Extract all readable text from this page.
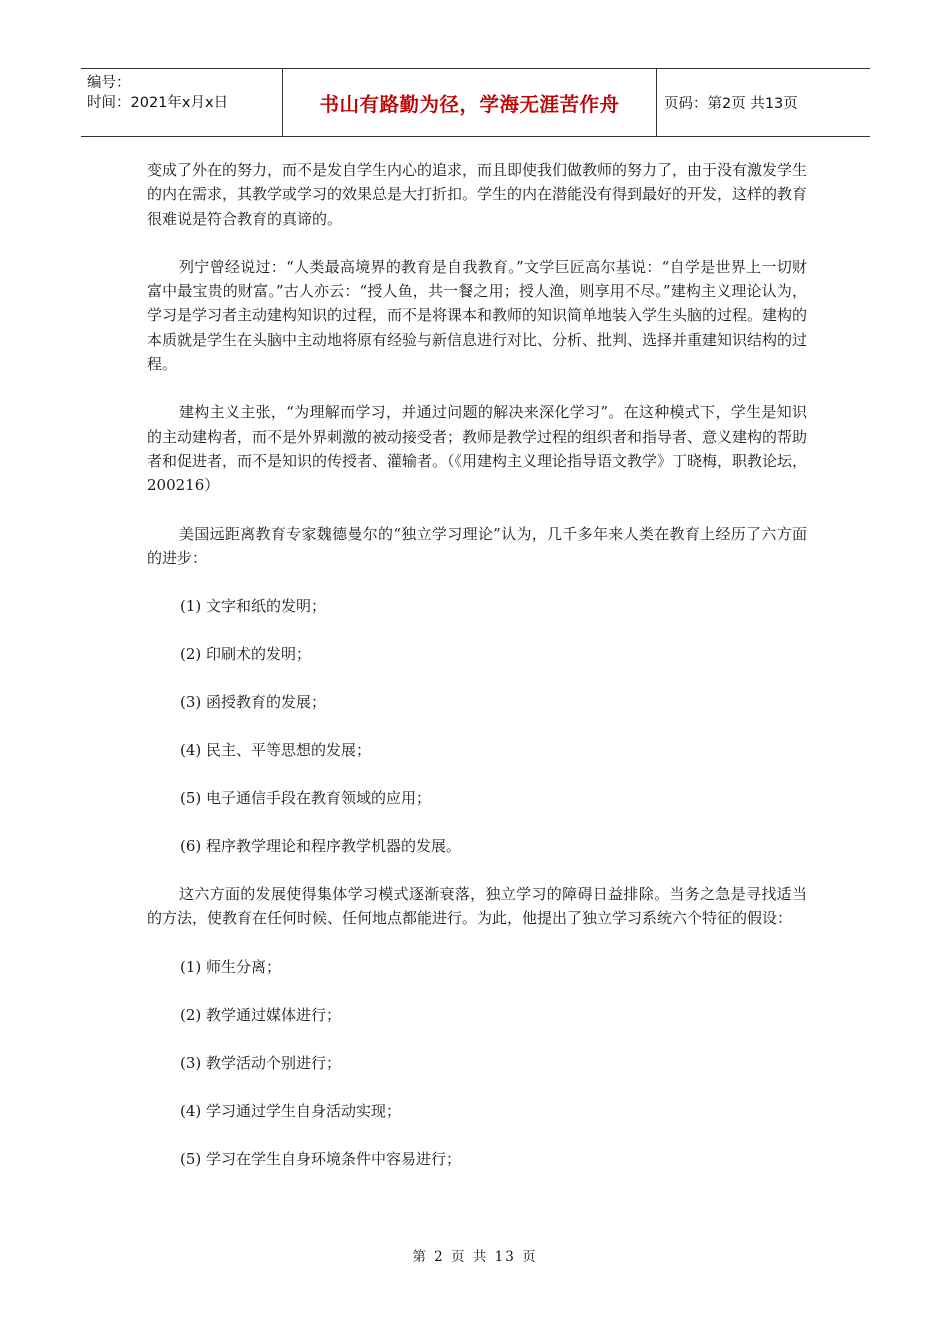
编号：
时间：2021年x月x日	书山有路勤为径，学海无涯苦作舟	页码：第2页 共13页

变成了外在的努力，而不是发自学生内心的追求，而且即使我们做教师的努力了，由于没有激发学生的内在需求，其教学或学习的效果总是大打折扣。学生的内在潜能没有得到最好的开发，这样的教育很难说是符合教育的真谛的。

列宁曾经说过：“人类最高境界的教育是自我教育。”文学巨匠高尔基说：“自学是世界上一切财富中最宝贵的财富。”古人亦云：“授人鱼，共一餐之用；授人渔，则享用不尽。”建构主义理论认为，学习是学习者主动建构知识的过程，而不是将课本和教师的知识简单地装入学生头脑的过程。建构的本质就是学生在头脑中主动地将原有经验与新信息进行对比、分析、批判、选择并重建知识结构的过程。

建构主义主张，“为理解而学习，并通过问题的解决来深化学习”。在这种模式下，学生是知识的主动建构者，而不是外界刺激的被动接受者；教师是教学过程的组织者和指导者、意义建构的帮助者和促进者，而不是知识的传授者、灌输者。（《用建构主义理论指导语文教学》丁晓梅，职教论坛， 200216）

美国远距离教育专家魏德曼尔的“独立学习理论”认为，几千多年来人类在教育上经历了六方面的进步：

(1) 文字和纸的发明；

(2) 印刷术的发明；

(3) 函授教育的发展；

(4) 民主、平等思想的发展；

(5) 电子通信手段在教育领域的应用；

(6) 程序教学理论和程序教学机器的发展。

这六方面的发展使得集体学习模式逐渐衰落，独立学习的障碍日益排除。当务之急是寻找适当的方法，使教育在任何时候、任何地点都能进行。为此，他提出了独立学习系统六个特征的假设：

(1) 师生分离；

(2) 教学通过媒体进行；

(3) 教学活动个别进行；

(4) 学习通过学生自身活动实现；

(5) 学习在学生自身环境条件中容易进行；

第 2 页 共 13 页
